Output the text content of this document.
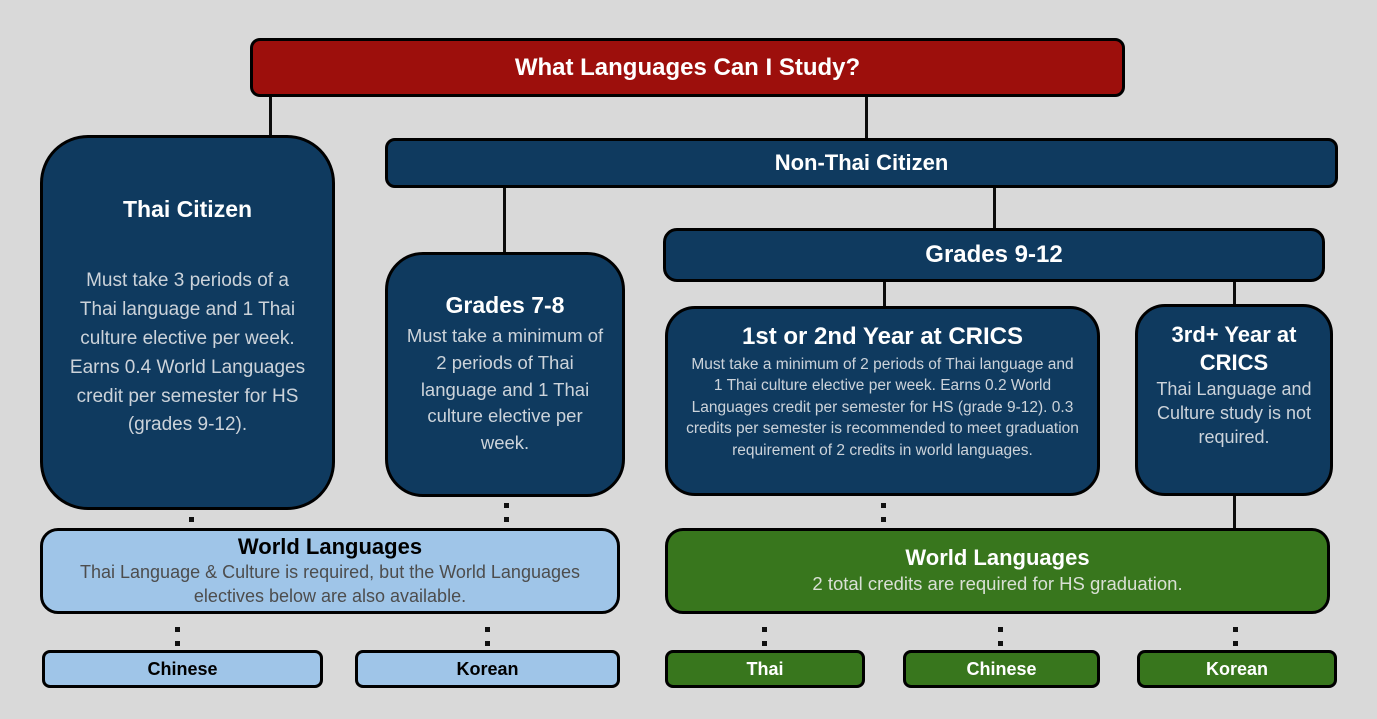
What Languages Can I Study?
Thai Citizen
Must take 3 periods of a Thai language and 1 Thai culture elective per week. Earns 0.4 World Languages credit per semester for HS (grades 9-12).
Non-Thai Citizen
Grades 7-8
Must take a minimum of 2 periods of Thai language and 1 Thai culture elective per week.
Grades 9-12
1st or 2nd Year at CRICS
Must take a minimum of 2 periods of Thai language and 1 Thai culture elective per week. Earns 0.2 World Languages credit per semester for HS (grade 9-12). 0.3 credits per semester is recommended to meet graduation requirement of 2 credits in world languages.
3rd+ Year at CRICS
Thai Language and Culture study is not required.
World Languages
Thai Language & Culture is required, but the World Languages electives below are also available.
World Languages
2 total credits are required for HS graduation.
Chinese	Korean	Thai	Chinese	Korean
